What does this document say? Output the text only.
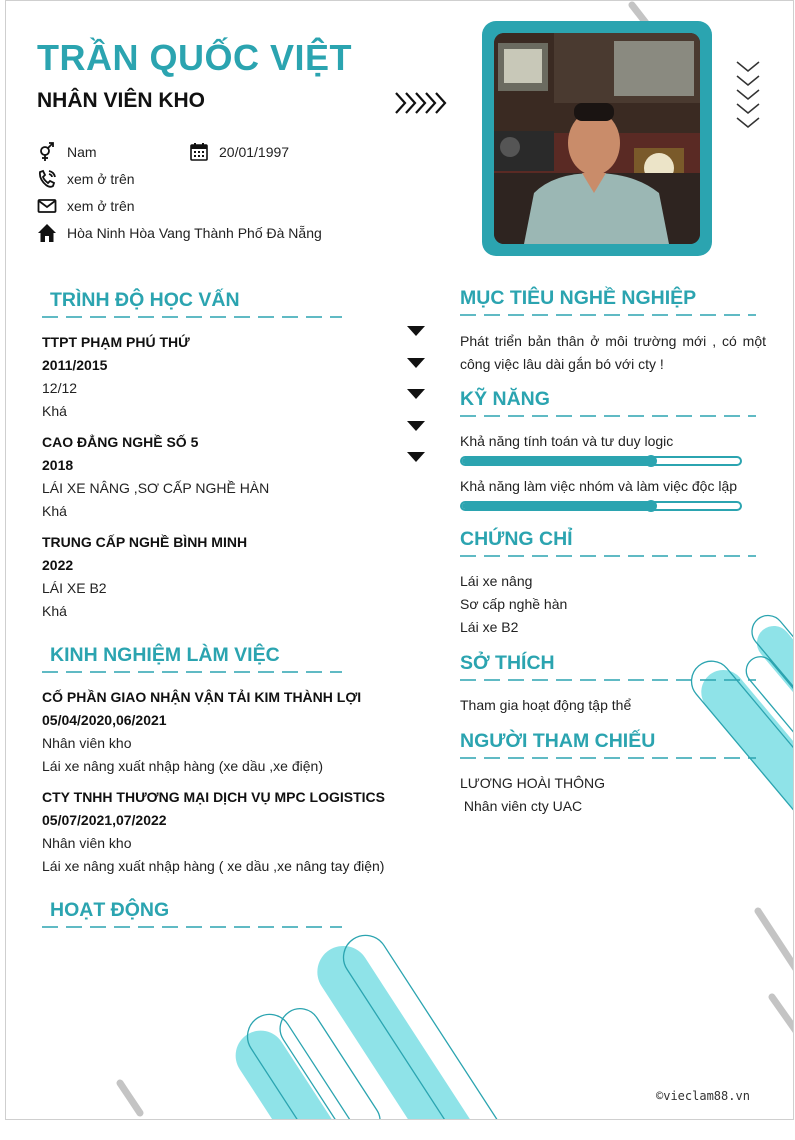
TRẦN QUỐC VIỆT
NHÂN VIÊN KHO
Nam	20/01/1997
xem ở trên
xem ở trên
Hòa Ninh Hòa Vang Thành Phố Đà Nẵng
TRÌNH ĐỘ HỌC VẤN
TTPT PHẠM PHÚ THỨ
2011/2015
12/12
Khá
CAO ĐẲNG NGHỀ SỐ 5
2018
LÁI XE NÂNG ,SƠ CẤP NGHỀ HÀN
Khá
TRUNG CẤP NGHỀ BÌNH MINH
2022
LÁI XE B2
Khá
KINH NGHIỆM LÀM VIỆC
CỐ PHẦN GIAO NHẬN VẬN TẢI KIM THÀNH LỢI
05/04/2020,06/2021
Nhân viên kho
Lái xe nâng xuất nhập hàng (xe dầu ,xe điện)
CTY TNHH THƯƠNG MẠI DỊCH VỤ MPC LOGISTICS
05/07/2021,07/2022
Nhân viên kho
Lái xe nâng xuất nhập hàng ( xe dầu ,xe nâng tay điện)
HOẠT ĐỘNG
MỤC TIÊU NGHỀ NGHIỆP
Phát triển bản thân ở môi trường mới , có một công việc lâu dài gắn bó với cty !
KỸ NĂNG
Khả năng tính toán và tư duy logic
Khả năng làm việc nhóm và làm việc độc lập
CHỨNG CHỈ
Lái xe nâng
Sơ cấp nghề hàn
Lái xe B2
SỞ THÍCH
Tham gia hoạt động tập thể
NGƯỜI THAM CHIẾU
LƯƠNG HOÀI THÔNG
Nhân viên cty UAC
©vieclam88.vn
